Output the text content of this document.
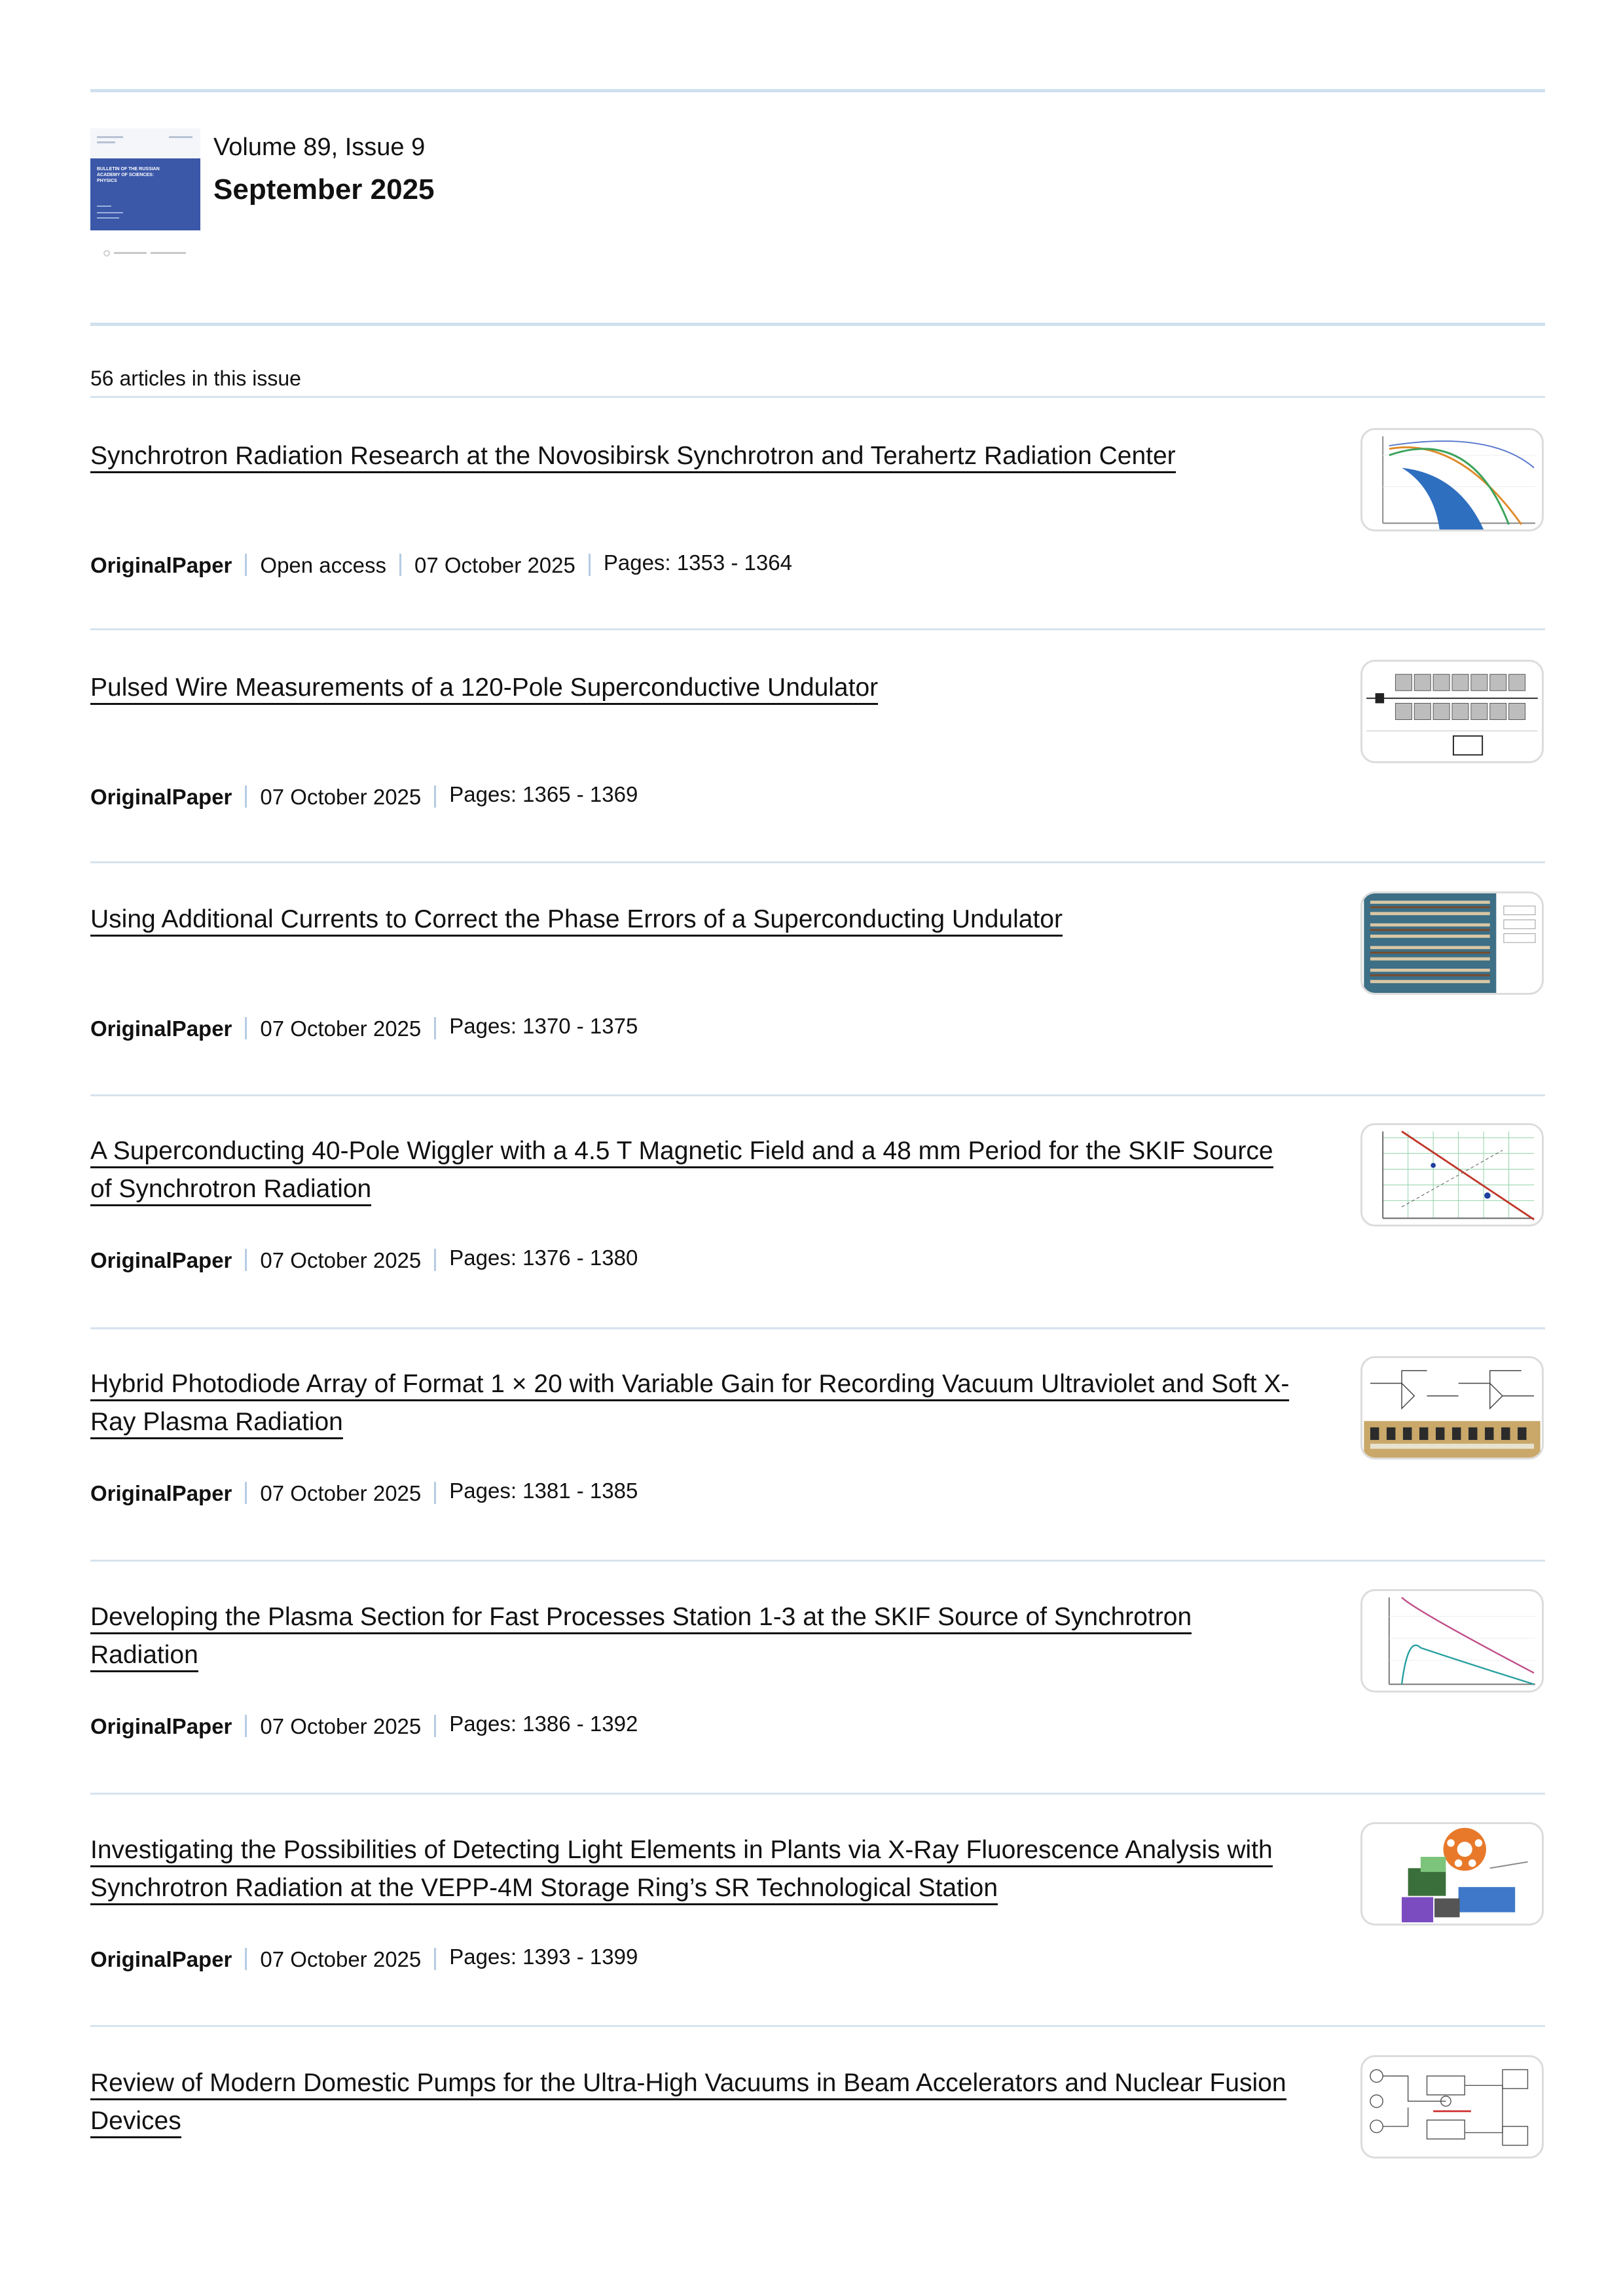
BULLETIN OF THE RUSSIAN ACADEMY OF SCIENCES: PHYSICS
Volume 89, Issue 9
September 2025
56 articles in this issue
Synchrotron Radiation Research at the Novosibirsk Synchrotron and Terahertz Radiation Center
OriginalPaper Open access 07 October 2025 Pages: 1353 - 1364
Pulsed Wire Measurements of a 120-Pole Superconductive Undulator
OriginalPaper 07 October 2025 Pages: 1365 - 1369
Using Additional Currents to Correct the Phase Errors of a Superconducting Undulator
OriginalPaper 07 October 2025 Pages: 1370 - 1375
A Superconducting 40-Pole Wiggler with a 4.5 T Magnetic Field and a 48 mm Period for the SKIF Source of Synchrotron Radiation
OriginalPaper 07 October 2025 Pages: 1376 - 1380
Hybrid Photodiode Array of Format 1 × 20 with Variable Gain for Recording Vacuum Ultraviolet and Soft X-Ray Plasma Radiation
OriginalPaper 07 October 2025 Pages: 1381 - 1385
Developing the Plasma Section for Fast Processes Station 1-3 at the SKIF Source of Synchrotron Radiation
OriginalPaper 07 October 2025 Pages: 1386 - 1392
Investigating the Possibilities of Detecting Light Elements in Plants via X-Ray Fluorescence Analysis with Synchrotron Radiation at the VEPP-4M Storage Ring’s SR Technological Station
OriginalPaper 07 October 2025 Pages: 1393 - 1399
Review of Modern Domestic Pumps for the Ultra-High Vacuums in Beam Accelerators and Nuclear Fusion Devices
